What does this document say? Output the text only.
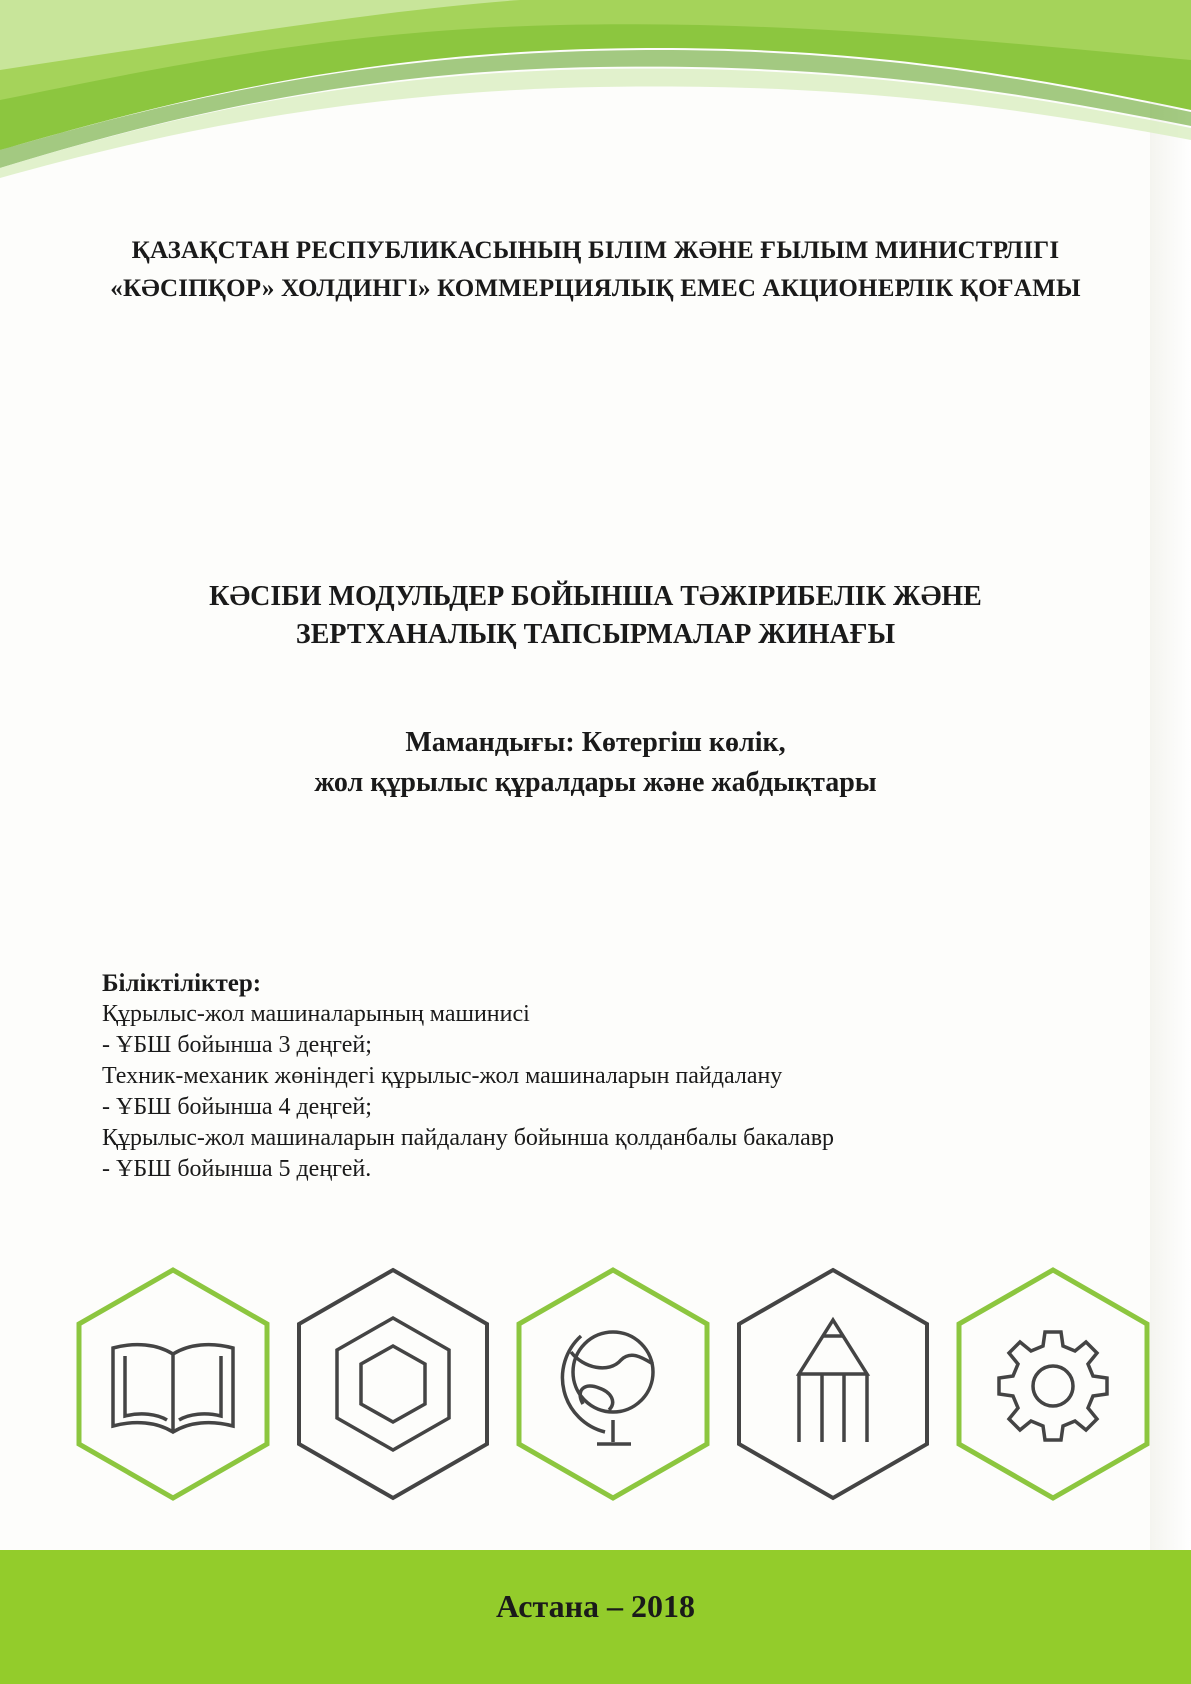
ҚАЗАҚСТАН РЕСПУБЛИКАСЫНЫҢ БІЛІМ ЖӘНЕ ҒЫЛЫМ МИНИСТРЛІГІ
«КӘСІПҚОР» ХОЛДИНГІ» КОММЕРЦИЯЛЫҚ ЕМЕС АКЦИОНЕРЛІК ҚОҒАМЫ
КӘСІБИ МОДУЛЬДЕР БОЙЫНША ТӘЖІРИБЕЛІК ЖӘНЕ
ЗЕРТХАНАЛЫҚ ТАПСЫРМАЛАР ЖИНАҒЫ
Мамандығы: Көтергіш көлік,
жол құрылыс құралдары және жабдықтары
Біліктіліктер:
Құрылыс-жол машиналарының машинисі
- ҰБШ бойынша 3 деңгей;
Техник-механик жөніндегі құрылыс-жол машиналарын пайдалану
- ҰБШ бойынша 4 деңгей;
Құрылыс-жол машиналарын пайдалану бойынша қолданбалы бакалавр
- ҰБШ бойынша 5 деңгей.
Астана – 2018
